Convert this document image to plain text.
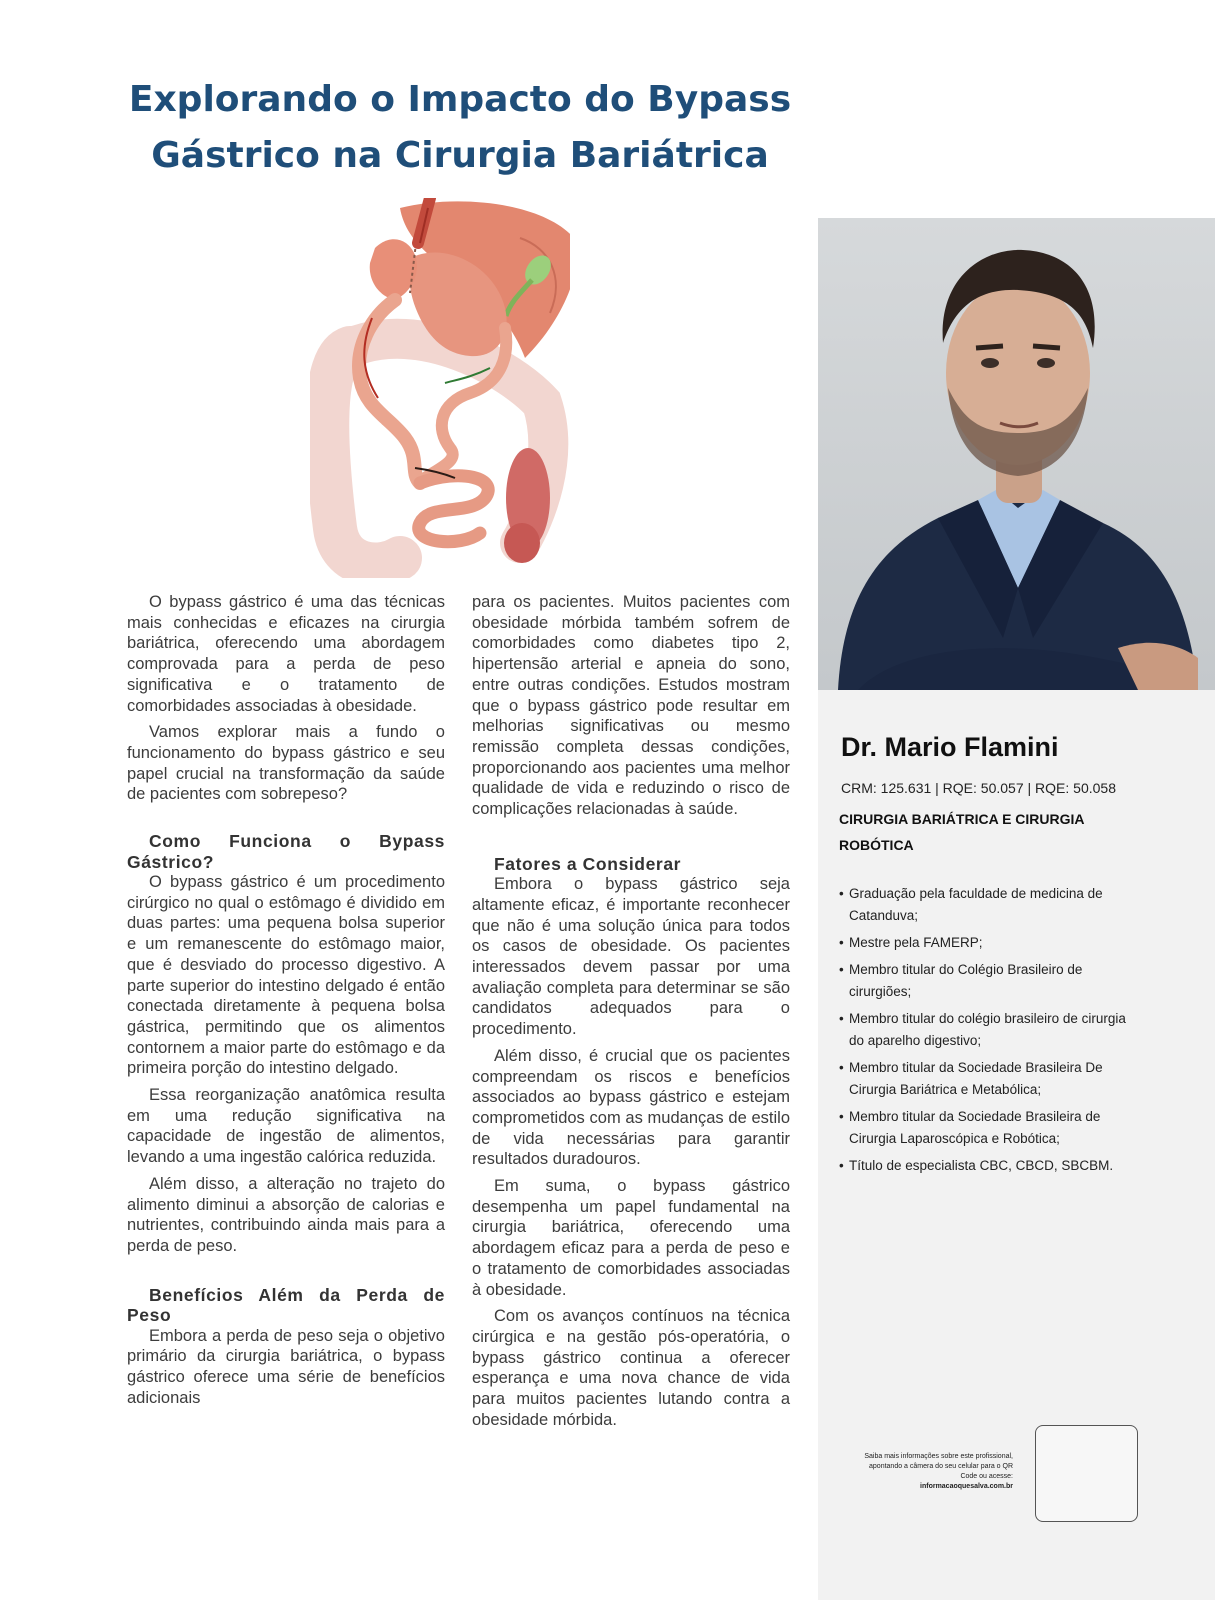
Explorando o Impacto do Bypass
Gástrico na Cirurgia Bariátrica

O bypass gástrico é uma das técnicas mais conhecidas e eficazes na cirurgia bariátrica, oferecendo uma abordagem comprovada para a perda de peso significativa e o tratamento de comorbidades associadas à obesidade.

Vamos explorar mais a fundo o funcionamento do bypass gástrico e seu papel crucial na transformação da saúde de pacientes com sobrepeso?

Como Funciona o Bypass Gástrico?

O bypass gástrico é um procedimento cirúrgico no qual o estômago é dividido em duas partes: uma pequena bolsa superior e um remanescente do estômago maior, que é desviado do processo digestivo. A parte superior do intestino delgado é então conectada diretamente à pequena bolsa gástrica, permitindo que os alimentos contornem a maior parte do estômago e da primeira porção do intestino delgado.

Essa reorganização anatômica resulta em uma redução significativa na capacidade de ingestão de alimentos, levando a uma ingestão calórica reduzida.

Além disso, a alteração no trajeto do alimento diminui a absorção de calorias e nutrientes, contribuindo ainda mais para a perda de peso.

Benefícios Além da Perda de Peso

Embora a perda de peso seja o objetivo primário da cirurgia bariátrica, o bypass gástrico oferece uma série de benefícios adicionais

para os pacientes. Muitos pacientes com obesidade mórbida também sofrem de comorbidades como diabetes tipo 2, hipertensão arterial e apneia do sono, entre outras condições. Estudos mostram que o bypass gástrico pode resultar em melhorias significativas ou mesmo remissão completa dessas condições, proporcionando aos pacientes uma melhor qualidade de vida e reduzindo o risco de complicações relacionadas à saúde.

Fatores a Considerar

Embora o bypass gástrico seja altamente eficaz, é importante reconhecer que não é uma solução única para todos os casos de obesidade. Os pacientes interessados devem passar por uma avaliação completa para determinar se são candidatos adequados para o procedimento.

Além disso, é crucial que os pacientes compreendam os riscos e benefícios associados ao bypass gástrico e estejam comprometidos com as mudanças de estilo de vida necessárias para garantir resultados duradouros.

Em suma, o bypass gástrico desempenha um papel fundamental na cirurgia bariátrica, oferecendo uma abordagem eficaz para a perda de peso e o tratamento de comorbidades associadas à obesidade.

Com os avanços contínuos na técnica cirúrgica e na gestão pós-operatória, o bypass gástrico continua a oferecer esperança e uma nova chance de vida para muitos pacientes lutando contra a obesidade mórbida.

Dr. Mario Flamini

CRM: 125.631 | RQE: 50.057 | RQE: 50.058

CIRURGIA BARIÁTRICA E CIRURGIA ROBÓTICA

• Graduação pela faculdade de medicina de Catanduva;
• Mestre pela FAMERP;
• Membro titular do Colégio Brasileiro de cirurgiões;
• Membro titular do colégio brasileiro de cirurgia do aparelho digestivo;
• Membro titular da Sociedade Brasileira De Cirurgia Bariátrica e Metabólica;
• Membro titular da Sociedade Brasileira de Cirurgia Laparoscópica e Robótica;
• Título de especialista CBC, CBCD, SBCBM.
Saiba mais informações sobre este profissional, apontando a câmera do seu celular para o QR Code ou acesse:
informacaoquesalva.com.br
